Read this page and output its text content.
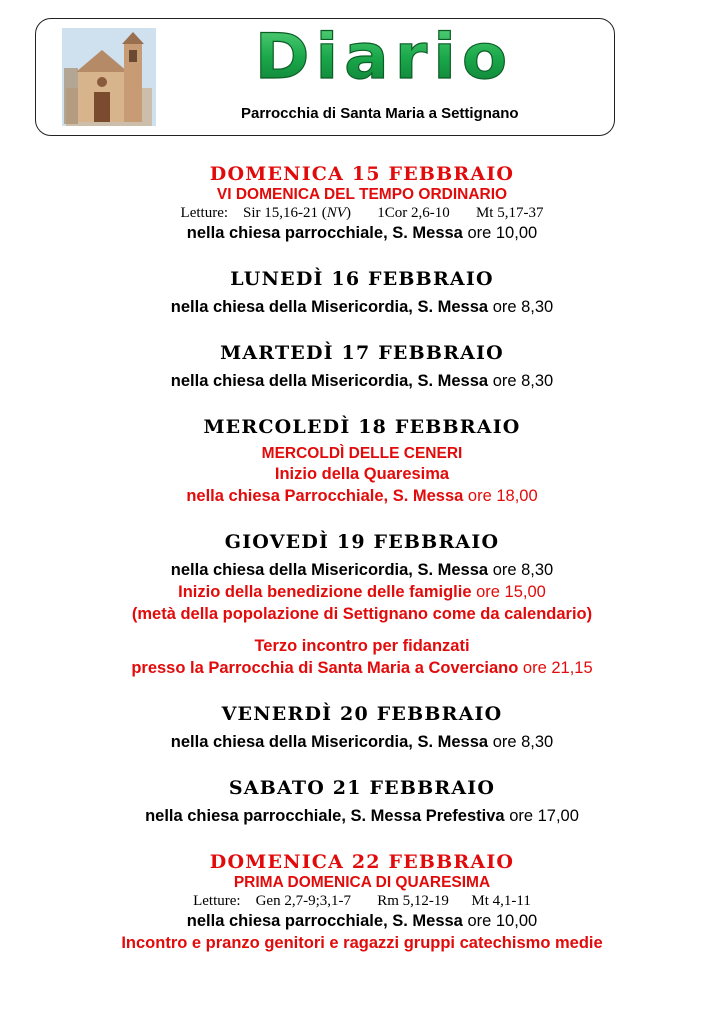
Diario
Parrocchia di Santa Maria a Settignano

DOMENICA 15 FEBBRAIO

VI DOMENICA DEL TEMPO ORDINARIO

Letture: Sir 15,16-21 (NV) 1Cor 2,6-10 Mt 5,17-37

nella chiesa parrocchiale, S. Messa ore 10,00

LUNEDÌ 16 FEBBRAIO

nella chiesa della Misericordia, S. Messa ore 8,30

MARTEDÌ 17 FEBBRAIO

nella chiesa della Misericordia, S. Messa ore 8,30

MERCOLEDÌ 18 FEBBRAIO

MERCOLDÌ DELLE CENERI

Inizio della Quaresima

nella chiesa Parrocchiale, S. Messa ore 18,00

GIOVEDÌ 19 FEBBRAIO

nella chiesa della Misericordia, S. Messa ore 8,30

Inizio della benedizione delle famiglie ore 15,00

(metà della popolazione di Settignano come da calendario)

Terzo incontro per fidanzati

presso la Parrocchia di Santa Maria a Coverciano ore 21,15

VENERDÌ 20 FEBBRAIO

nella chiesa della Misericordia, S. Messa ore 8,30

SABATO 21 FEBBRAIO

nella chiesa parrocchiale, S. Messa Prefestiva ore 17,00

DOMENICA 22 FEBBRAIO

PRIMA DOMENICA DI QUARESIMA

Letture: Gen 2,7-9;3,1-7 Rm 5,12-19 Mt 4,1-11

nella chiesa parrocchiale, S. Messa ore 10,00

Incontro e pranzo genitori e ragazzi gruppi catechismo medie
